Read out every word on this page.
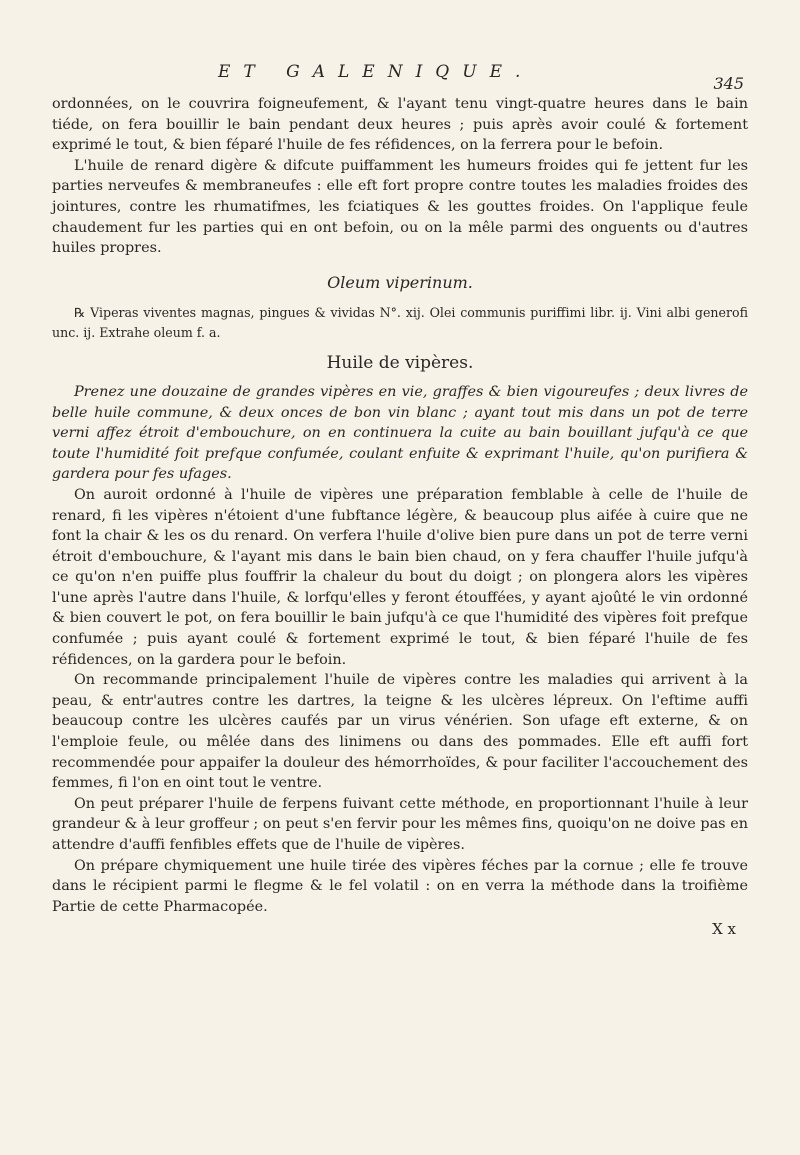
ET GALENIQUE.
345

ordonnées, on le couvrira foigneufement, & l'ayant tenu vingt-quatre heures dans le bain tiéde, on fera bouillir le bain pendant deux heures ; puis après avoir coulé & fortement exprimé le tout, & bien féparé l'huile de fes réfidences, on la ferrera pour le befoin.

L'huile de renard digère & difcute puiffamment les humeurs froides qui fe jettent fur les parties nerveufes & membraneufes : elle eft fort propre contre toutes les maladies froides des jointures, contre les rhumatifmes, les fciatiques & les gouttes froides. On l'applique feule chaudement fur les parties qui en ont befoin, ou on la mêle parmi des onguents ou d'autres huiles propres.

Oleum viperinum.

℞ Viperas viventes magnas, pingues & vividas N°. xij. Olei communis puriffimi libr. ij. Vini albi generofi unc. ij. Extrahe oleum f. a.

Huile de vipères.

Prenez une douzaine de grandes vipères en vie, graffes & bien vigoureufes ; deux livres de belle huile commune, & deux onces de bon vin blanc ; ayant tout mis dans un pot de terre verni affez étroit d'embouchure, on en continuera la cuite au bain bouillant jufqu'à ce que toute l'humidité foit prefque confumée, coulant enfuite & exprimant l'huile, qu'on purifiera & gardera pour fes ufages.

On auroit ordonné à l'huile de vipères une préparation femblable à celle de l'huile de renard, fi les vipères n'étoient d'une fubftance légère, & beaucoup plus aifée à cuire que ne font la chair & les os du renard. On verfera l'huile d'olive bien pure dans un pot de terre verni étroit d'embouchure, & l'ayant mis dans le bain bien chaud, on y fera chauffer l'huile jufqu'à ce qu'on n'en puiffe plus fouffrir la chaleur du bout du doigt ; on plongera alors les vipères l'une après l'autre dans l'huile, & lorfqu'elles y feront étouffées, y ayant ajoûté le vin ordonné & bien couvert le pot, on fera bouillir le bain jufqu'à ce que l'humidité des vipères foit prefque confumée ; puis ayant coulé & fortement exprimé le tout, & bien féparé l'huile de fes réfidences, on la gardera pour le befoin.

On recommande principalement l'huile de vipères contre les maladies qui arrivent à la peau, & entr'autres contre les dartres, la teigne & les ulcères lépreux. On l'eftime auffi beaucoup contre les ulcères caufés par un virus vénérien. Son ufage eft externe, & on l'emploie feule, ou mêlée dans des linimens ou dans des pommades. Elle eft auffi fort recommendée pour appaifer la douleur des hémorrhoïdes, & pour faciliter l'accouchement des femmes, fi l'on en oint tout le ventre.

On peut préparer l'huile de ferpens fuivant cette méthode, en proportionnant l'huile à leur grandeur & à leur groffeur ; on peut s'en fervir pour les mêmes fins, quoiqu'on ne doive pas en attendre d'auffi fenfibles effets que de l'huile de vipères.

On prépare chymiquement une huile tirée des vipères féches par la cornue ; elle fe trouve dans le récipient parmi le flegme & le fel volatil : on en verra la méthode dans la troifième Partie de cette Pharmacopée.

X x
